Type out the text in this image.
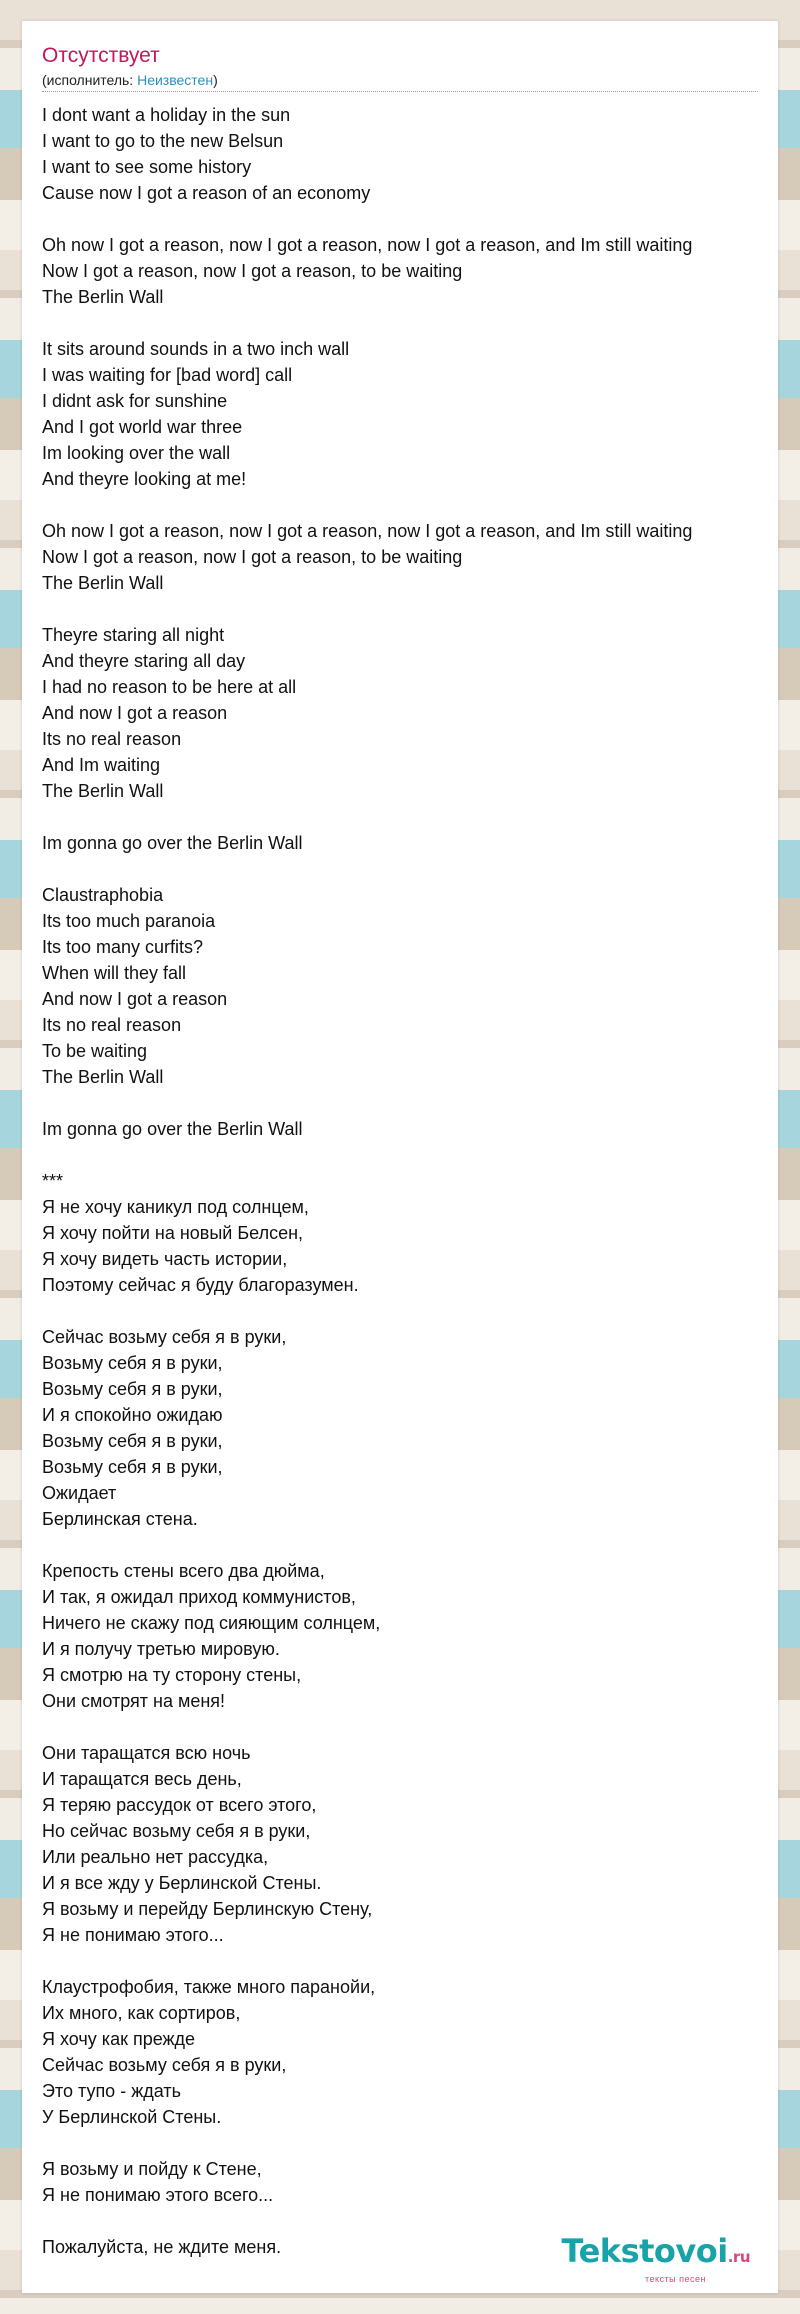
Отсутствует
(исполнитель: Неизвестен)
I dont want a holiday in the sun
I want to go to the new Belsun
I want to see some history
Cause now I got a reason of an economy
Oh now I got a reason, now I got a reason, now I got a reason, and Im still waiting
Now I got a reason, now I got a reason, to be waiting
The Berlin Wall
It sits around sounds in a two inch wall
I was waiting for [bad word] call
I didnt ask for sunshine
And I got world war three
Im looking over the wall
And theyre looking at me!
Oh now I got a reason, now I got a reason, now I got a reason, and Im still waiting
Now I got a reason, now I got a reason, to be waiting
The Berlin Wall
Theyre staring all night
And theyre staring all day
I had no reason to be here at all
And now I got a reason
Its no real reason
And Im waiting
The Berlin Wall
Im gonna go over the Berlin Wall
Claustraphobia
Its too much paranoia
Its too many curfits?
When will they fall
And now I got a reason
Its no real reason
To be waiting
The Berlin Wall
Im gonna go over the Berlin Wall
***
Я не хочу каникул под солнцем,
Я хочу пойти на новый Белсен,
Я хочу видеть часть истории,
Поэтому сейчас я буду благоразумен.
Сейчас возьму себя я в руки,
Возьму себя я в руки,
Возьму себя я в руки,
И я спокойно ожидаю
Возьму себя я в руки,
Возьму себя я в руки,
Ожидает
Берлинская стена.
Крепость стены всего два дюйма,
И так, я ожидал приход коммунистов,
Ничего не скажу под сияющим солнцем,
И я получу третью мировую.
Я смотрю на ту сторону стены,
Они смотрят на меня!
Они таращатся всю ночь
И таращатся весь день,
Я теряю рассудок от всего этого,
Но сейчас возьму себя я в руки,
Или реально нет рассудка,
И я все жду у Берлинской Стены.
Я возьму и перейду Берлинскую Стену,
Я не понимаю этого...
Клаустрофобия, также много паранойи,
Их много, как сортиров,
Я хочу как прежде
Сейчас возьму себя я в руки,
Это тупо - ждать
У Берлинской Стены.
Я возьму и пойду к Стене,
Я не понимаю этого всего...
Пожалуйста, не ждите меня.	Tekstovoi.ru
тексты песен
